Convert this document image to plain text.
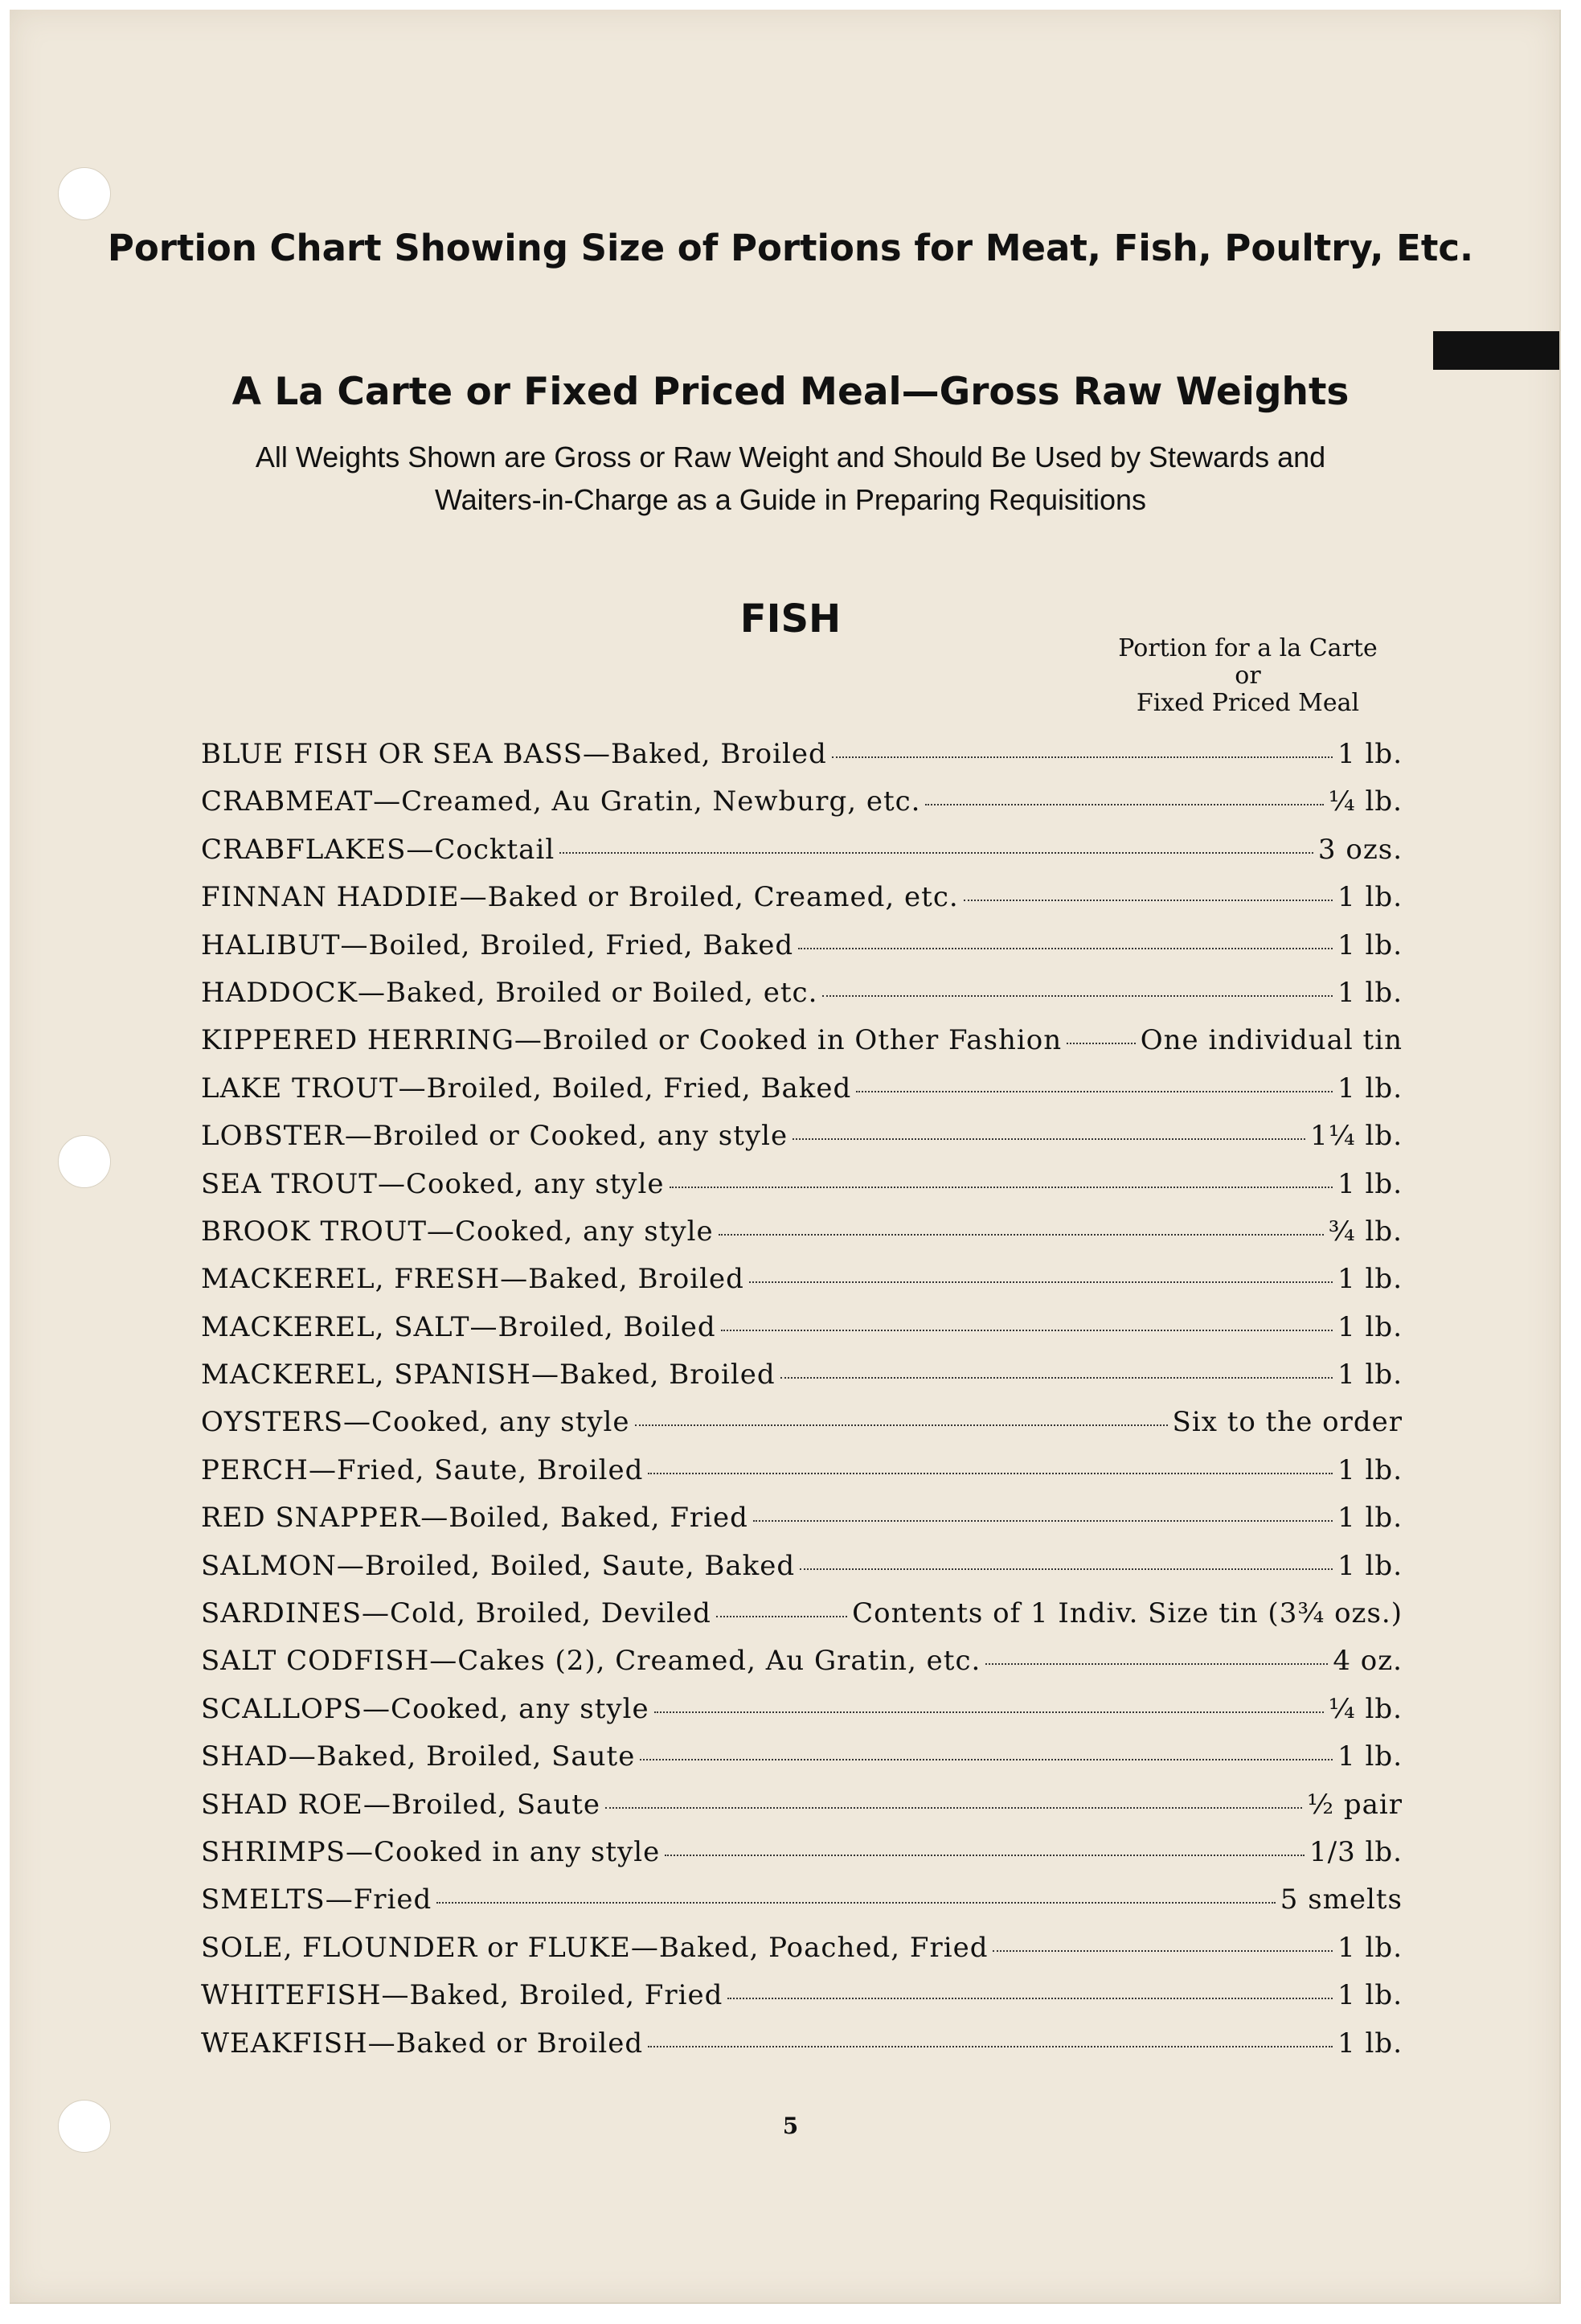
Portion Chart Showing Size of Portions for Meat, Fish, Poultry, Etc.
A La Carte or Fixed Priced Meal—Gross Raw Weights
All Weights Shown are Gross or Raw Weight and Should Be Used by Stewards and Waiters-in-Charge as a Guide in Preparing Requisitions
FISH
Portion for a la Carte
or
Fixed Priced Meal
BLUE FISH OR SEA BASS—Baked, Broiled	1 lb.
CRABMEAT—Creamed, Au Gratin, Newburg, etc.	¼ lb.
CRABFLAKES—Cocktail	3 ozs.
FINNAN HADDIE—Baked or Broiled, Creamed, etc.	1 lb.
HALIBUT—Boiled, Broiled, Fried, Baked	1 lb.
HADDOCK—Baked, Broiled or Boiled, etc.	1 lb.
KIPPERED HERRING—Broiled or Cooked in Other Fashion	One individual tin
LAKE TROUT—Broiled, Boiled, Fried, Baked	1 lb.
LOBSTER—Broiled or Cooked, any style	1¼ lb.
SEA TROUT—Cooked, any style	1 lb.
BROOK TROUT—Cooked, any style	¾ lb.
MACKEREL, FRESH—Baked, Broiled	1 lb.
MACKEREL, SALT—Broiled, Boiled	1 lb.
MACKEREL, SPANISH—Baked, Broiled	1 lb.
OYSTERS—Cooked, any style	Six to the order
PERCH—Fried, Saute, Broiled	1 lb.
RED SNAPPER—Boiled, Baked, Fried	1 lb.
SALMON—Broiled, Boiled, Saute, Baked	1 lb.
SARDINES—Cold, Broiled, Deviled	Contents of 1 Indiv. Size tin (3¾ ozs.)
SALT CODFISH—Cakes (2), Creamed, Au Gratin, etc.	4 oz.
SCALLOPS—Cooked, any style	¼ lb.
SHAD—Baked, Broiled, Saute	1 lb.
SHAD ROE—Broiled, Saute	½ pair
SHRIMPS—Cooked in any style	1/3 lb.
SMELTS—Fried	5 smelts
SOLE, FLOUNDER or FLUKE—Baked, Poached, Fried	1 lb.
WHITEFISH—Baked, Broiled, Fried	1 lb.
WEAKFISH—Baked or Broiled	1 lb.
5
